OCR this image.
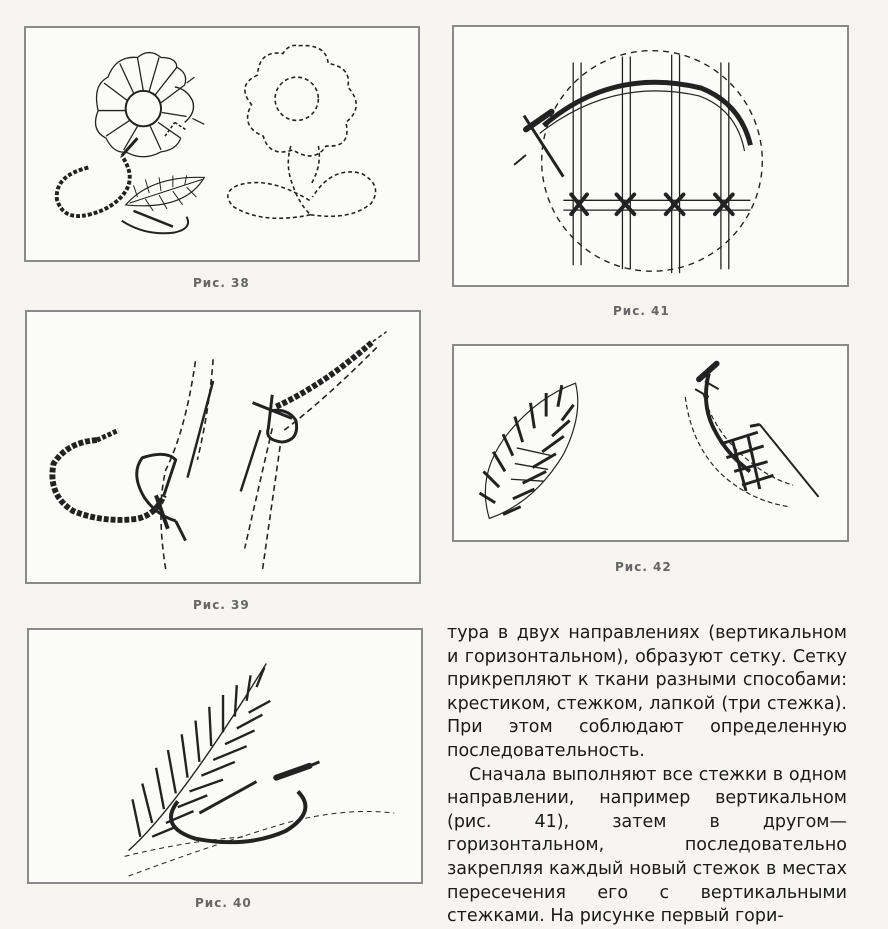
Рис. 38
Рис. 39
Рис. 40
Рис. 41
Рис. 42

тура в двух направлениях (вертикальном и горизонтальном), образуют сетку. Сетку прикрепляют к ткани разными способами: крестиком, стежком, лапкой (три стежка). При этом соблюдают определенную последовательность.

Сначала выполняют все стежки в одном направлении, например вертикальном (рис. 41), затем в другом—горизонтальном, последовательно закрепляя каждый новый стежок в местах пересечения его с вертикальными стежками. На рисунке первый гори-
